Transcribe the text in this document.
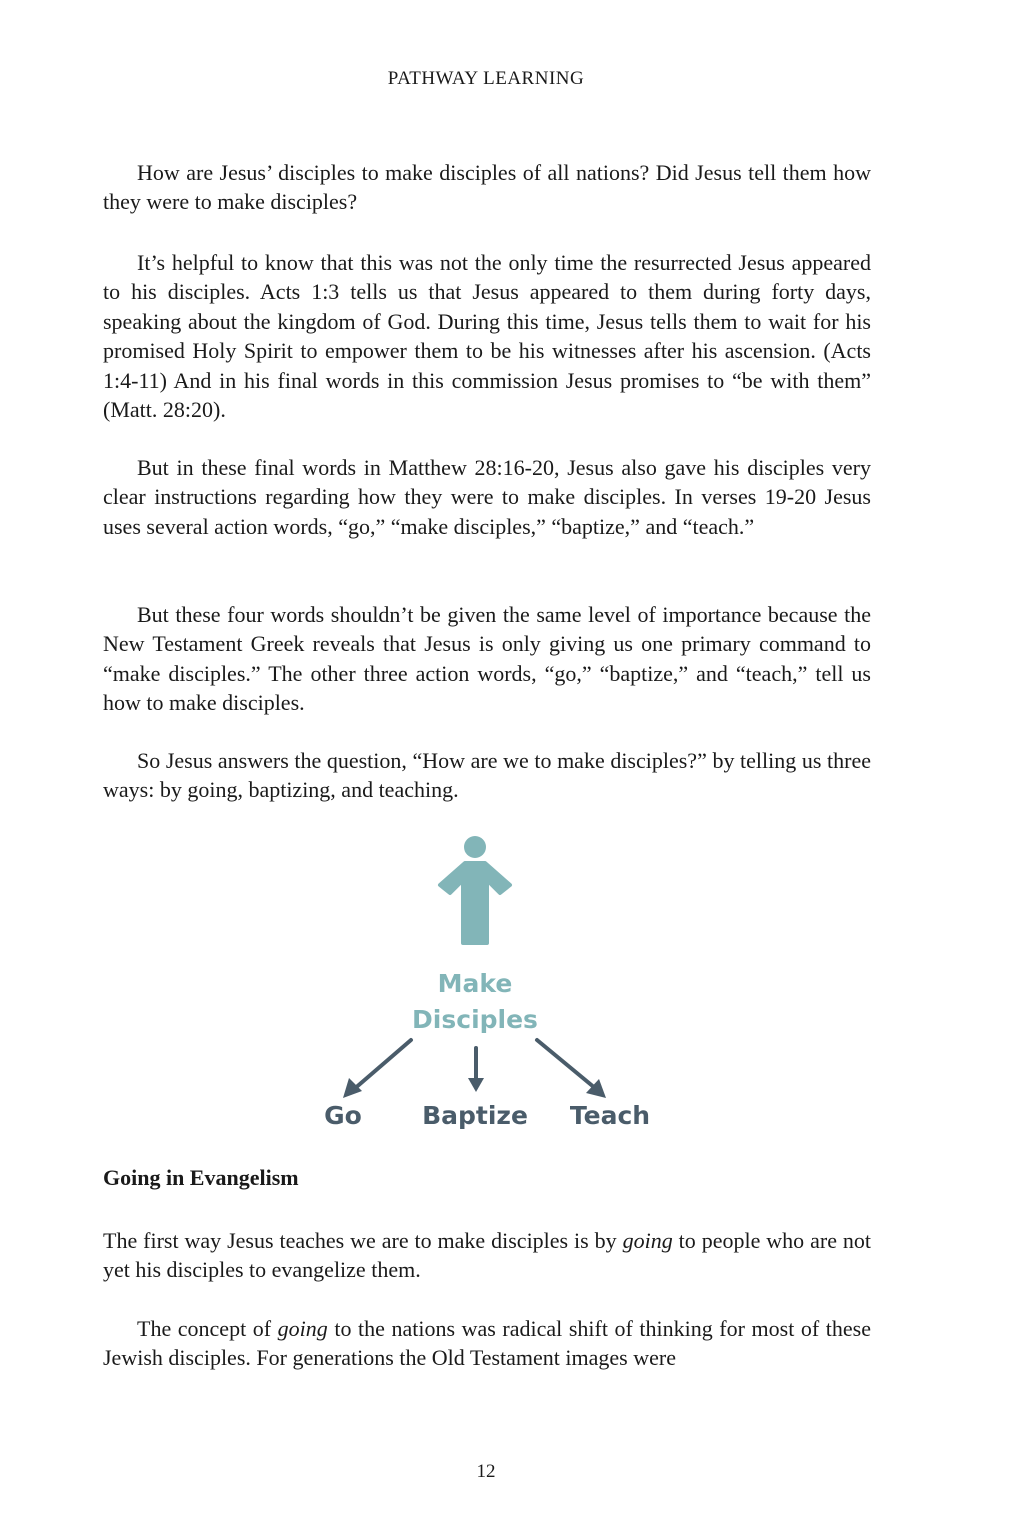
PATHWAY LEARNING

How are Jesus’ disciples to make disciples of all nations? Did Jesus tell them how they were to make disciples?

It’s helpful to know that this was not the only time the resurrected Jesus appeared to his disciples. Acts 1:3 tells us that Jesus appeared to them during forty days, speaking about the kingdom of God. During this time, Jesus tells them to wait for his promised Holy Spirit to empower them to be his witnesses after his ascension. (Acts 1:4-11) And in his final words in this commission Jesus promises to “be with them” (Matt. 28:20).

But in these final words in Matthew 28:16-20, Jesus also gave his disciples very clear instructions regarding how they were to make disciples. In verses 19-20 Jesus uses several action words, “go,” “make disciples,” “baptize,” and “teach.”

But these four words shouldn’t be given the same level of importance because the New Testament Greek reveals that Jesus is only giving us one primary command to “make disciples.” The other three action words, “go,” “baptize,” and “teach,” tell us how to make disciples.

So Jesus answers the question, “How are we to make disciples?” by telling us three ways: by going, baptizing, and teaching.

Make
Disciples
Go	Baptize	Teach
Going in Evangelism

The first way Jesus teaches we are to make disciples is by going to people who are not yet his disciples to evangelize them.

The concept of going to the nations was radical shift of thinking for most of these Jewish disciples. For generations the Old Testament images were

12
